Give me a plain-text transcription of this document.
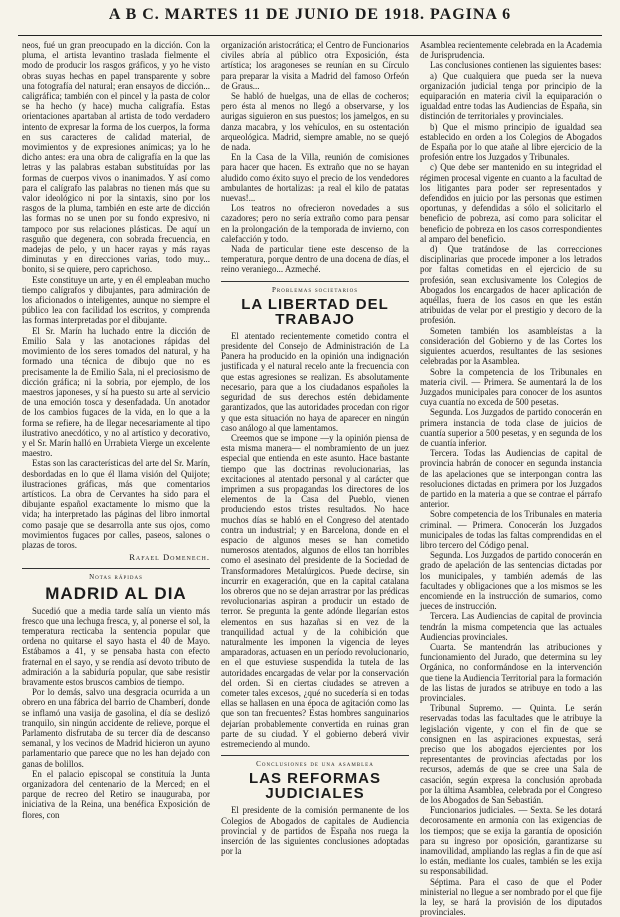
A B C. MARTES 11 DE JUNIO DE 1918. PAGINA 6

neos, fué un gran preocupado en la dicción. Con la pluma, el artista levantino traslada fielmente el modo de producir los rasgos gráficos, y yo he visto obras suyas hechas en papel transparente y sobre una fotografía del natural; eran ensayos de dicción... caligráfica; también con el pincel y la pasta de color se ha hecho (y hace) mucha caligrafía. Estas orientaciones apartaban al artista de todo verdadero intento de expresar la forma de los cuerpos, la forma en sus caracteres de calidad material, de movimientos y de expresiones anímicas; ya lo he dicho antes: era una obra de caligrafía en la que las letras y las palabras estaban substituídas por las formas de cuerpos vivos o inanimados. Y así como para el calígrafo las palabras no tienen más que su valor ideológico ni por la sintaxis, sino por los rasgos de la pluma, también en este arte de dicción las formas no se unen por su fondo expresivo, ni tampoco por sus relaciones plásticas. De aquí un rasguño que degenera, con sobrada frecuencia, en madejas de pelo, y un hacer rayas y más rayas diminutas y en direcciones varias, todo muy... bonito, si se quiere, pero caprichoso.

Este constituye un arte, y en él empleaban mucho tiempo calígrafos y dibujantes, para admiración de los aficionados o inteligentes, aunque no siempre el público lea con facilidad los escritos, y comprenda las formas interpretadas por el dibujante.

El Sr. Marín ha luchado entre la dicción de Emilio Sala y las anotaciones rápidas del movimiento de los seres tomados del natural, y ha formado una técnica de dibujo que no es precisamente la de Emilio Sala, ni el preciosismo de dicción gráfica; ni la sobria, por ejemplo, de los maestros japoneses, y sí ha puesto su arte al servicio de una emoción tosca y desenfadada. Un anotador de los cambios fugaces de la vida, en lo que a la forma se refiere, ha de llegar necesariamente al tipo ilustrativo anecdótico, y no al artístico y decorativo, y el Sr. Marín halló en Urrabieta Vierge un excelente maestro.

Estas son las características del arte del Sr. Marín, desbordadas en lo que él llama visión del Quijote; ilustraciones gráficas, más que comentarios artísticos. La obra de Cervantes ha sido para el dibujante español exactamente lo mismo que la vida; ha interpretado las páginas del libro inmortal como pasaje que se desarrolla ante sus ojos, como movimientos fugaces por calles, paseos, salones o plazas de toros.

Rafael Domenech.
Notas rápidas
MADRID AL DIA

Sucedió que a media tarde salía un viento más fresco que una lechuga fresca, y, al ponerse el sol, la temperatura recticaba la sentencia popular que ordena no quitarse el sayo hasta el 40 de Mayo. Estábamos a 41, y se pensaba hasta con efecto fraternal en el sayo, y se rendía así devoto tributo de admiración a la sabiduría popular, que sabe resistir bravamente estos bruscos cambios de tiempo.

Por lo demás, salvo una desgracia ocurrida a un obrero en una fábrica del barrio de Chamberí, donde se inflamó una vasija de gasolina, el día se deslizó tranquilo, sin ningún accidente de relieve, porque el Parlamento disfrutaba de su tercer día de descanso semanal, y los vecinos de Madrid hicieron un ayuno parlamentario que parece que no les han dejado con ganas de bolillos.

En el palacio episcopal se constituía la Junta organizadora del centenario de la Merced; en el parque de recreo del Retiro se inauguraba, por iniciativa de la Reina, una benéfica Exposición de flores, con

organización aristocrática; el Centro de Funcionarios civiles abría al público otra Exposición, ésta artística; los aragoneses se reunían en su Círculo para preparar la visita a Madrid del famoso Orfeón de Graus...

Se habló de huelgas, una de ellas de cocheros; pero ésta al menos no llegó a observarse, y los aurigas siguieron en sus puestos; los jamelgos, en su danza macabra, y los vehículos, en su ostentación arqueológica. Madrid, siempre amable, no se quejó de nada.

En la Casa de la Villa, reunión de comisiones para hacer que hacen. Es extraño que no se hayan aludido como éxito suyo el precio de los vendedores ambulantes de hortalizas: ¡a real el kilo de patatas nuevas!...

Los teatros no ofrecieron novedades a sus cazadores; pero no sería extraño como para pensar en la prolongación de la temporada de invierno, con calefacción y todo.

Nada de particular tiene este descenso de la temperatura, porque dentro de una docena de días, el reino veraniego... Azmeché.

Problemas societarios
LA LIBERTAD DEL TRABAJO

El atentado recientemente cometido contra el presidente del Consejo de Administración de La Panera ha producido en la opinión una indignación justificada y el natural recelo ante la frecuencia con que estas agresiones se realizan. Es absolutamente necesario, para que a los ciudadanos españoles la seguridad de sus derechos estén debidamente garantizados, que las autoridades procedan con rigor y que esta situación no haya de aparecer en ningún caso análogo al que lamentamos.

Creemos que se impone —y la opinión piensa de esta misma manera— el nombramiento de un juez especial que entienda en este asunto. Hace bastante tiempo que las doctrinas revolucionarias, las excitaciones al atentado personal y al carácter que imprimen a sus propagandas los directores de los elementos de la Casa del Pueblo, vienen produciendo estos tristes resultados. No hace muchos días se habló en el Congreso del atentado contra un industrial; y en Barcelona, donde en el espacio de algunos meses se han cometido numerosos atentados, algunos de ellos tan horribles como el asesinato del presidente de la Sociedad de Transformadores Metalúrgicos. Puede decirse, sin incurrir en exageración, que en la capital catalana los obreros que no se dejan arrastrar por las prédicas revolucionarias aspiran a producir un estado de terror. Se pregunta la gente adónde llegarían estos elementos en sus hazañas si en vez de la tranquilidad actual y de la cohibición que naturalmente les imponen la vigencia de leyes amparadoras, actuasen en un período revolucionario, en el que estuviese suspendida la tutela de las autoridades encargadas de velar por la conservación del orden. Si en ciertas ciudades se atreven a cometer tales excesos, ¿qué no sucedería si en todas ellas se hallasen en una época de agitación como las que son tan frecuentes? Estas hombres sanguinarios dejarían probablemente convertida en ruinas gran parte de su ciudad. Y el gobierno deberá vivir estremeciendo al mundo.

Conclusiones de una asamblea
LAS REFORMAS JUDICIALES

El presidente de la comisión permanente de los Colegios de Abogados de capitales de Audiencia provincial y de partidos de España nos ruega la inserción de las siguientes conclusiones adoptadas por la

Asamblea recientemente celebrada en la Academia de Jurisprudencia.

Las conclusiones contienen las siguientes bases:

a) Que cualquiera que pueda ser la nueva organización judicial tenga por principio de la equiparación en materia civil la equiparación o igualdad entre todas las Audiencias de España, sin distinción de territoriales y provinciales.

b) Que el mismo principio de igualdad sea establecido en orden a los Colegios de Abogados de España por lo que atañe al libre ejercicio de la profesión entre los Juzgados y Tribunales.

c) Que debe ser mantenido en su integridad el régimen procesal vigente en cuanto a la facultad de los litigantes para poder ser representados y defendidos en juicio por las personas que estimen oportunas, y defendidas a sólo el solicitarlo el beneficio de pobreza, así como para solicitar el beneficio de pobreza en los casos correspondientes al amparo del beneficio.

d) Que tratándose de las correcciones disciplinarias que procede imponer a los letrados por faltas cometidas en el ejercicio de su profesión, sean exclusivamente los Colegios de Abogados los encargados de hacer aplicación de aquéllas, fuera de los casos en que les están atribuidas de velar por el prestigio y decoro de la profesión.

Someten también los asambleístas a la consideración del Gobierno y de las Cortes los siguientes acuerdos, resultantes de las sesiones celebradas por la Asamblea.

Sobre la competencia de los Tribunales en materia civil. — Primera. Se aumentará la de los Juzgados municipales para conocer de los asuntos cuya cuantía no exceda de 500 pesetas.

Segunda. Los Juzgados de partido conocerán en primera instancia de toda clase de juicios de cuantía superior a 500 pesetas, y en segunda de los de cuantía inferior.

Tercera. Todas las Audiencias de capital de provincia habrán de conocer en segunda instancia de las apelaciones que se interpongan contra las resoluciones dictadas en primera por los Juzgados de partido en la materia a que se contrae el párrafo anterior.

Sobre competencia de los Tribunales en materia criminal. — Primera. Conocerán los Juzgados municipales de todas las faltas comprendidas en el libro tercero del Código penal.

Segunda. Los Juzgados de partido conocerán en grado de apelación de las sentencias dictadas por los municipales, y también además de las facultades y obligaciones que a los mismos se les encomiende en la instrucción de sumarios, como jueces de instrucción.

Tercera. Las Audiencias de capital de provincia tendrán la misma competencia que las actuales Audiencias provinciales.

Cuarta. Se mantendrán las atribuciones y funcionamiento del Jurado, que determina su ley Orgánica, no conformándose en la intervención que tiene la Audiencia Territorial para la formación de las listas de jurados se atribuye en todo a las provinciales.

Tribunal Supremo. — Quinta. Le serán reservadas todas las facultades que le atribuye la legislación vigente, y con el fin de que se consignen en las aspiraciones expuestas, será preciso que los abogados ejercientes por los representantes de provincias afectadas por los recursos, además de que se cree una Sala de casación, según expresa la conclusión aprobada por la última Asamblea, celebrada por el Congreso de los Abogados de San Sebastián.

Funcionarios judiciales. — Sexta. Se les dotará decorosamente en armonía con las exigencias de los tiempos; que se exija la garantía de oposición para su ingreso por oposición, garantizarse su inamovilidad, ampliando las reglas a fin de que así lo están, mediante los cuales, también se les exija su responsabilidad.

Séptima. Para el caso de que el Poder ministerial no llegue a ser nombrado por el que fije la ley, se hará la provisión de los diputados provinciales.
